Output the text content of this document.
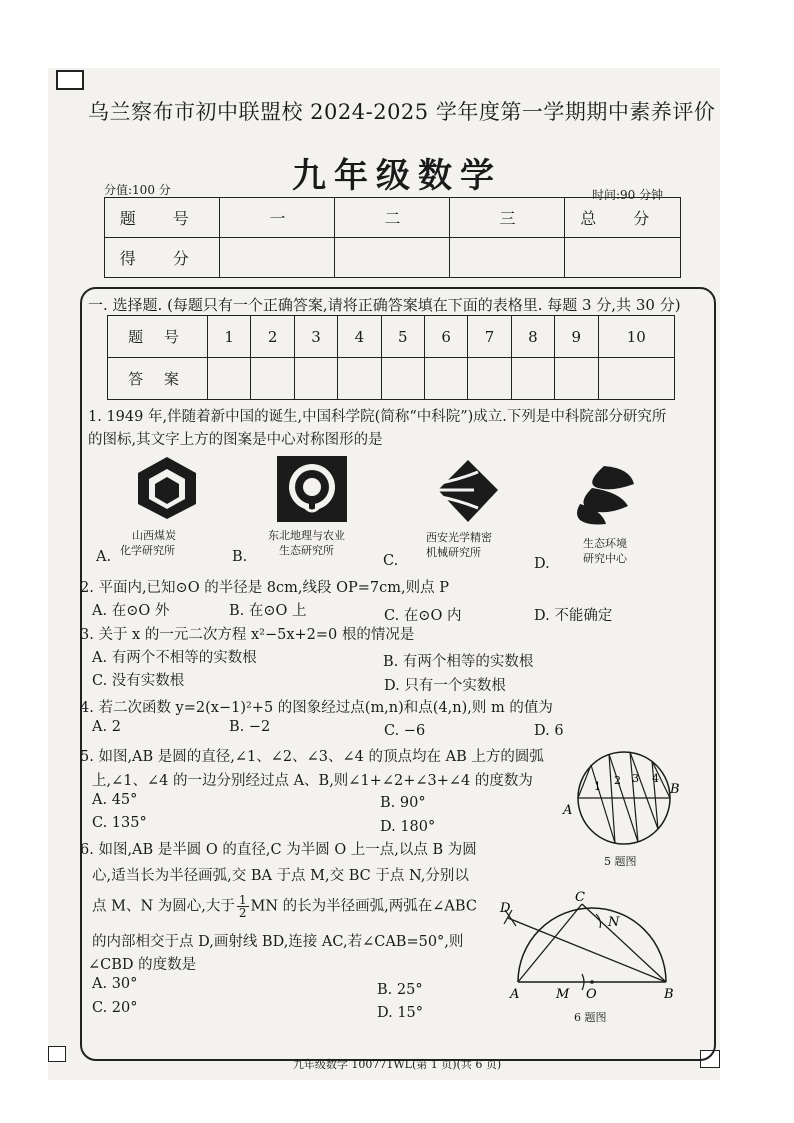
乌兰察布市初中联盟校 2024-2025 学年度第一学期期中素养评价
九年级数学
分值:100 分	时间:90 分钟
题 号	一	二	三	总 分
得 分				
一. 选择题. (每题只有一个正确答案,请将正确答案填在下面的表格里. 每题 3 分,共 30 分)
题 号	1	2	3	4	5	6	7	8	9	10
答 案										
1. 1949 年,伴随着新中国的诞生,中国科学院(简称“中科院”)成立.下列是中科院部分研究所
的图标,其文字上方的图案是中心对称图形的是
山西煤炭
化学研究所
A.
东北地理与农业
生态研究所
B.
西安光学精密
机械研究所
C.
生态环境
研究中心
D.
2. 平面内,已知⊙O 的半径是 8cm,线段 OP=7cm,则点 P
A. 在⊙O 外	B. 在⊙O 上	C. 在⊙O 内	D. 不能确定
3. 关于 x 的一元二次方程 x²−5x+2=0 根的情况是
A. 有两个不相等的实数根	B. 有两个相等的实数根
C. 没有实数根	D. 只有一个实数根
4. 若二次函数 y=2(x−1)²+5 的图象经过点(m,n)和点(4,n),则 m 的值为
A. 2	B. −2	C. −6	D. 6
5. 如图,AB 是圆的直径,∠1、∠2、∠3、∠4 的顶点均在 AB 上方的圆弧
上,∠1、∠4 的一边分别经过点 A、B,则∠1+∠2+∠3+∠4 的度数为
A. 45°	B. 90°
C. 135°	D. 180°
A
B
1 2 3 4
5 题图
6. 如图,AB 是半圆 O 的直径,C 为半圆 O 上一点,以点 B 为圆
心,适当长为半径画弧,交 BA 于点 M,交 BC 于点 N,分别以
点 M、N 为圆心,大于 $\frac{1}{2}$ MN 的长为半径画弧,两弧在∠ABC
的内部相交于点 D,画射线 BD,连接 AC,若∠CAB=50°,则
∠CBD 的度数是
A. 30°	B. 25°
C. 20°	D. 15°
A	M O	B
C
N
D
6 题图
九年级数学 100771WL(第 1 页)(共 6 页)
